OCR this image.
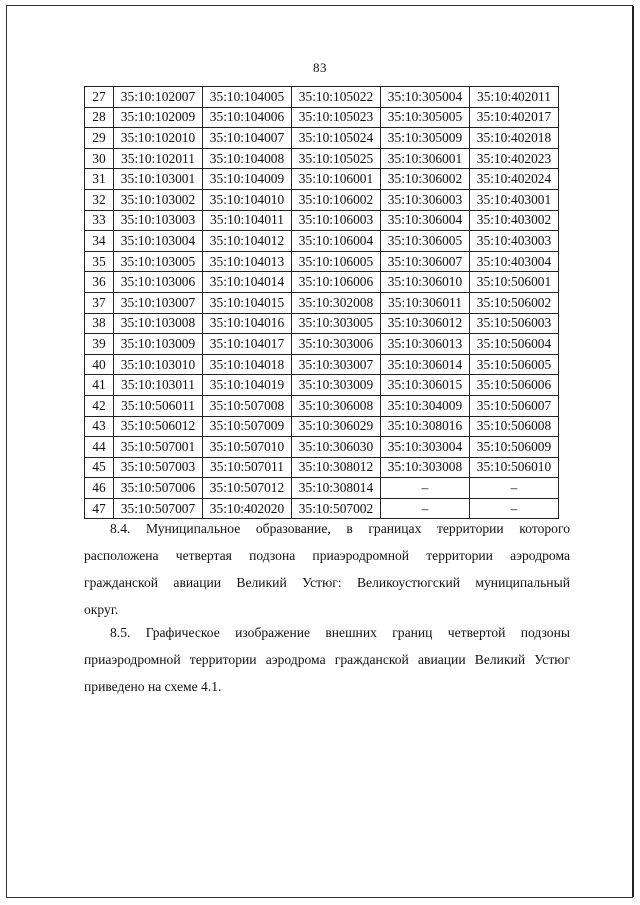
83
27	35:10:102007	35:10:104005	35:10:105022	35:10:305004	35:10:402011
28	35:10:102009	35:10:104006	35:10:105023	35:10:305005	35:10:402017
29	35:10:102010	35:10:104007	35:10:105024	35:10:305009	35:10:402018
30	35:10:102011	35:10:104008	35:10:105025	35:10:306001	35:10:402023
31	35:10:103001	35:10:104009	35:10:106001	35:10:306002	35:10:402024
32	35:10:103002	35:10:104010	35:10:106002	35:10:306003	35:10:403001
33	35:10:103003	35:10:104011	35:10:106003	35:10:306004	35:10:403002
34	35:10:103004	35:10:104012	35:10:106004	35:10:306005	35:10:403003
35	35:10:103005	35:10:104013	35:10:106005	35:10:306007	35:10:403004
36	35:10:103006	35:10:104014	35:10:106006	35:10:306010	35:10:506001
37	35:10:103007	35:10:104015	35:10:302008	35:10:306011	35:10:506002
38	35:10:103008	35:10:104016	35:10:303005	35:10:306012	35:10:506003
39	35:10:103009	35:10:104017	35:10:303006	35:10:306013	35:10:506004
40	35:10:103010	35:10:104018	35:10:303007	35:10:306014	35:10:506005
41	35:10:103011	35:10:104019	35:10:303009	35:10:306015	35:10:506006
42	35:10:506011	35:10:507008	35:10:306008	35:10:304009	35:10:506007
43	35:10:506012	35:10:507009	35:10:306029	35:10:308016	35:10:506008
44	35:10:507001	35:10:507010	35:10:306030	35:10:303004	35:10:506009
45	35:10:507003	35:10:507011	35:10:308012	35:10:303008	35:10:506010
46	35:10:507006	35:10:507012	35:10:308014	–	–
47	35:10:507007	35:10:402020	35:10:507002	–	–
8.4. Муниципальное образование, в границах территории которого
расположена четвертая подзона приаэродромной территории аэродрома
гражданской авиации Великий Устюг: Великоустюгский муниципальный
округ.
8.5. Графическое изображение внешних границ четвертой подзоны
приаэродромной территории аэродрома гражданской авиации Великий Устюг
приведено на схеме 4.1.
